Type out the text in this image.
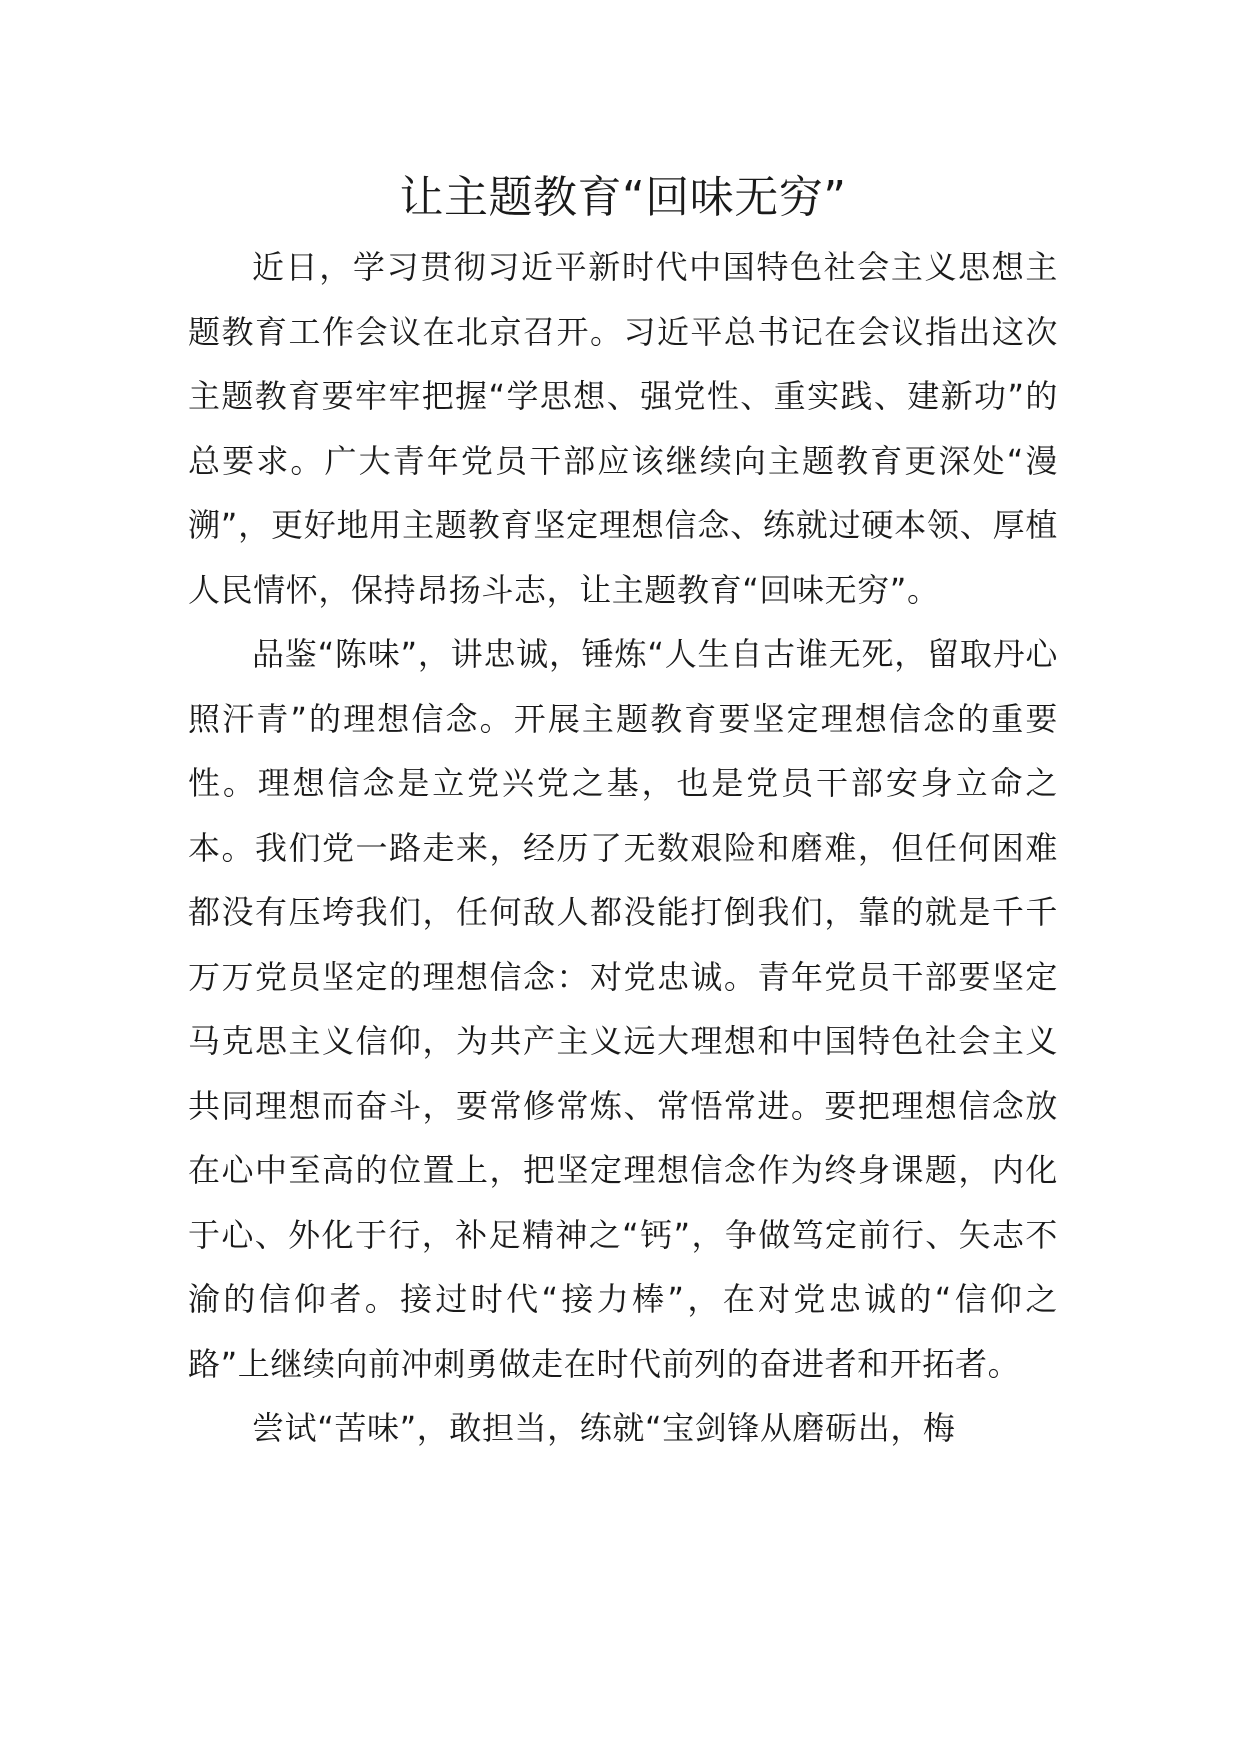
让主题教育“回味无穷”

近日，学习贯彻习近平新时代中国特色社会主义思想主题教育工作会议在北京召开。习近平总书记在会议指出这次主题教育要牢牢把握“学思想、强党性、重实践、建新功”的总要求。广大青年党员干部应该继续向主题教育更深处“漫溯”，更好地用主题教育坚定理想信念、练就过硬本领、厚植人民情怀，保持昂扬斗志，让主题教育“回味无穷”。

品鉴“陈味”，讲忠诚，锤炼“人生自古谁无死，留取丹心照汗青”的理想信念。开展主题教育要坚定理想信念的重要性。理想信念是立党兴党之基，也是党员干部安身立命之本。我们党一路走来，经历了无数艰险和磨难，但任何困难都没有压垮我们，任何敌人都没能打倒我们，靠的就是千千万万党员坚定的理想信念：对党忠诚。青年党员干部要坚定马克思主义信仰，为共产主义远大理想和中国特色社会主义共同理想而奋斗，要常修常炼、常悟常进。要把理想信念放在心中至高的位置上，把坚定理想信念作为终身课题，内化于心、外化于行，补足精神之“钙”，争做笃定前行、矢志不渝的信仰者。接过时代“接力棒”，在对党忠诚的“信仰之路”上继续向前冲刺勇做走在时代前列的奋进者和开拓者。

尝试“苦味”，敢担当，练就“宝剑锋从磨砺出，梅
